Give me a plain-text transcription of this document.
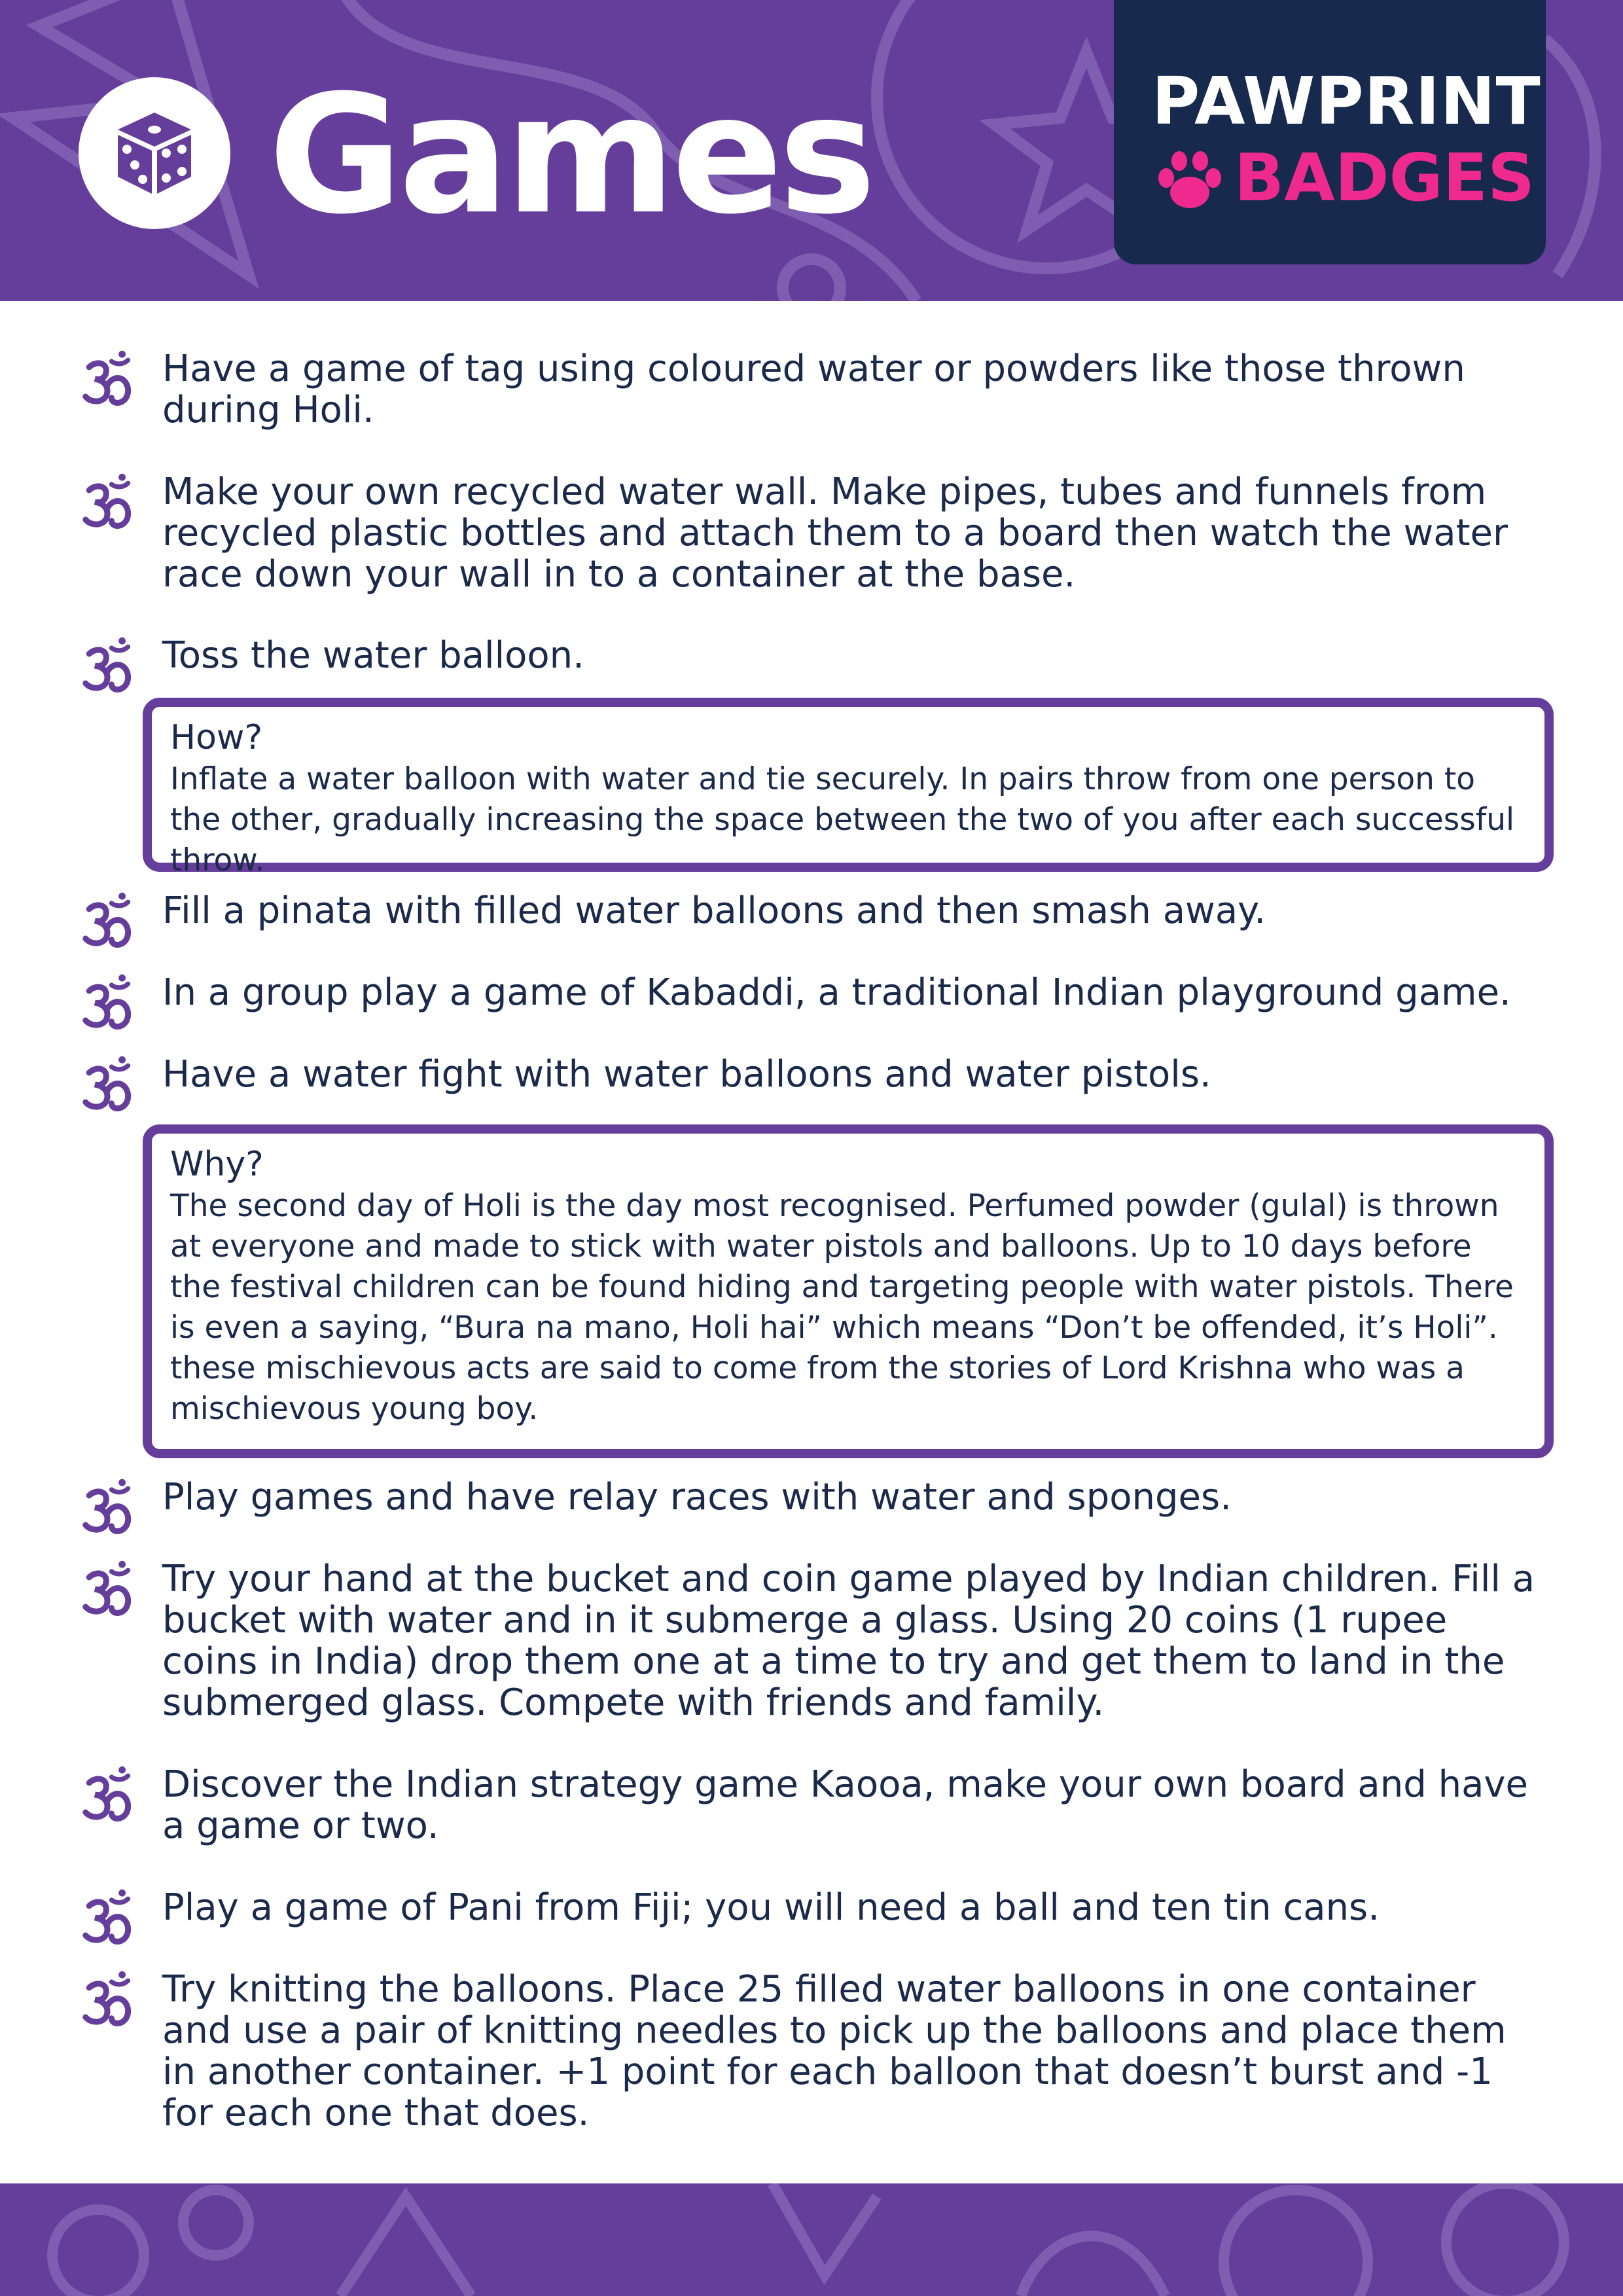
Games	PAWPRINT
BADGES
Have a game of tag using coloured water or powders like those thrown during Holi.
Make your own recycled water wall. Make pipes, tubes and funnels from recycled plastic bottles and attach them to a board then watch the water race down your wall in to a container at the base.
Toss the water balloon.
How?
Inflate a water balloon with water and tie securely. In pairs throw from one person to the other, gradually increasing the space between the two of you after each successful throw.
Fill a pinata with filled water balloons and then smash away.
In a group play a game of Kabaddi, a traditional Indian playground game.
Have a water fight with water balloons and water pistols.
Why?
The second day of Holi is the day most recognised. Perfumed powder (gulal) is thrown at everyone and made to stick with water pistols and balloons. Up to 10 days before the festival children can be found hiding and targeting people with water pistols. There is even a saying, “Bura na mano, Holi hai” which means “Don’t be offended, it’s Holi”. these mischievous acts are said to come from the stories of Lord Krishna who was a mischievous young boy.
Play games and have relay races with water and sponges.
Try your hand at the bucket and coin game played by Indian children. Fill a bucket with water and in it submerge a glass. Using 20 coins (1 rupee coins in India) drop them one at a time to try and get them to land in the submerged glass. Compete with friends and family.
Discover the Indian strategy game Kaooa, make your own board and have a game or two.
Play a game of Pani from Fiji; you will need a ball and ten tin cans.
Try knitting the balloons. Place 25 filled water balloons in one container and use a pair of knitting needles to pick up the balloons and place them in another container. +1 point for each balloon that doesn’t burst and -1 for each one that does.
